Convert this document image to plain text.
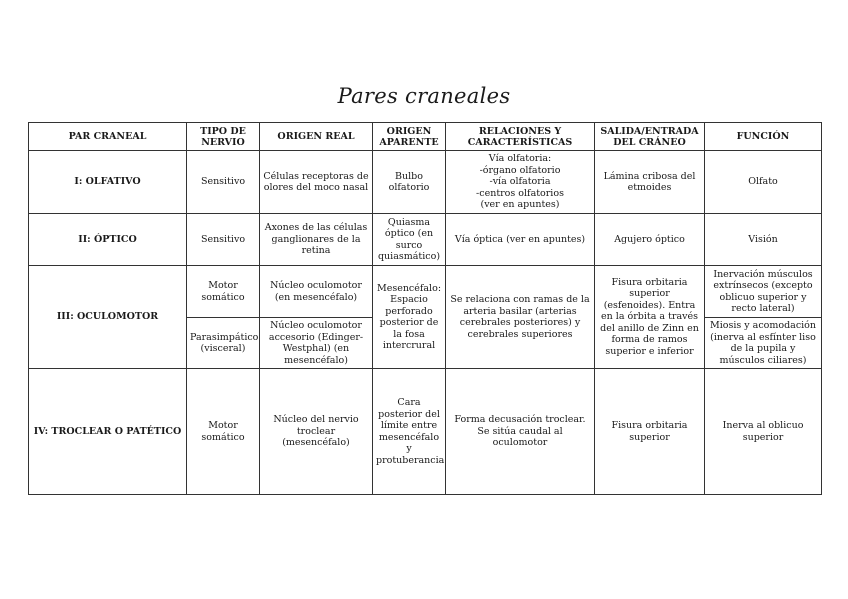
Pares craneales
PAR CRANEAL	TIPO DE NERVIO	ORIGEN REAL	ORIGEN APARENTE	RELACIONES Y CARACTERÍSTICAS	SALIDA/ENTRADA DEL CRÁNEO	FUNCIÓN
I: OLFATIVO	Sensitivo	Células receptoras de olores del moco nasal	Bulbo olfatorio	Vía olfatoria:
-órgano olfatorio
-vía olfatoria
-centros olfatorios
(ver en apuntes)	Lámina cribosa del etmoides	Olfato
II: ÓPTICO	Sensitivo	Axones de las células ganglionares de la retina	Quiasma óptico (en surco quiasmático)	Vía óptica (ver en apuntes)	Agujero óptico	Visión
III: OCULOMOTOR	Motor somático	Núcleo oculomotor (en mesencéfalo)	Mesencéfalo: Espacio perforado posterior de la fosa intercrural	Se relaciona con ramas de la arteria basilar (arterias cerebrales posteriores) y cerebrales superiores	Fisura orbitaria superior (esfenoides). Entra en la órbita a través del anillo de Zinn en forma de ramos superior e inferior	Inervación músculos extrínsecos (excepto oblicuo superior y recto lateral)
	Parasimpático (visceral)	Núcleo oculomotor accesorio (Edinger-Westphal) (en mesencéfalo)				Miosis y acomodación (inerva al esfínter liso de la pupila y músculos ciliares)
IV: TROCLEAR O PATÉTICO	Motor somático	Núcleo del nervio troclear (mesencéfalo)	Cara posterior del límite entre mesencéfalo y protuberancia	Forma decusación troclear.
Se sitúa caudal al oculomotor	Fisura orbitaria superior	Inerva al oblicuo superior
